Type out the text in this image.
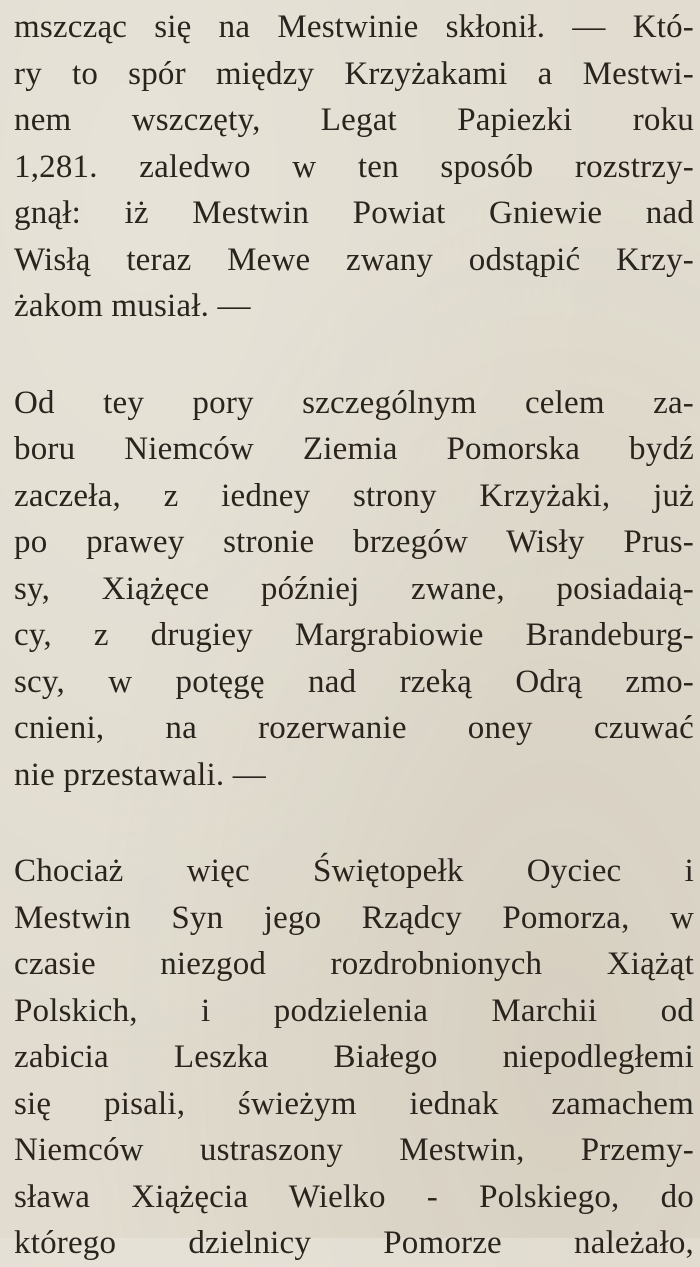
mszcząc się na Mestwinie skłonił. — Któ-
ry to spór między Krzyżakami a Mestwi-
nem wszczęty, Legat Papiezki roku
1,281. zaledwo w ten sposób rozstrzy-
gnął: iż Mestwin Powiat Gniewie nad
Wisłą teraz Mewe zwany odstąpić Krzy-
żakom musiał. —

Od tey pory szczególnym celem za-
boru Niemców Ziemia Pomorska bydź
zaczeła, z iedney strony Krzyżaki, już
po prawey stronie brzegów Wisły Prus-
sy, Xiążęce później zwane, posiadaią-
cy, z drugiey Margrabiowie Brandeburg-
scy, w potęgę nad rzeką Odrą zmo-
cnieni, na rozerwanie oney czuwać
nie przestawali. —

Chociaż więc Świętopełk Oyciec i
Mestwin Syn jego Rządcy Pomorza, w
czasie niezgod rozdrobnionych Xiążąt
Polskich, i podzielenia Marchii od
zabicia Leszka Białego niepodległemi
się pisali, świeżym iednak zamachem
Niemców ustraszony Mestwin, Przemy-
sława Xiążęcia Wielko - Polskiego, do
którego dzielnicy Pomorze należało,
